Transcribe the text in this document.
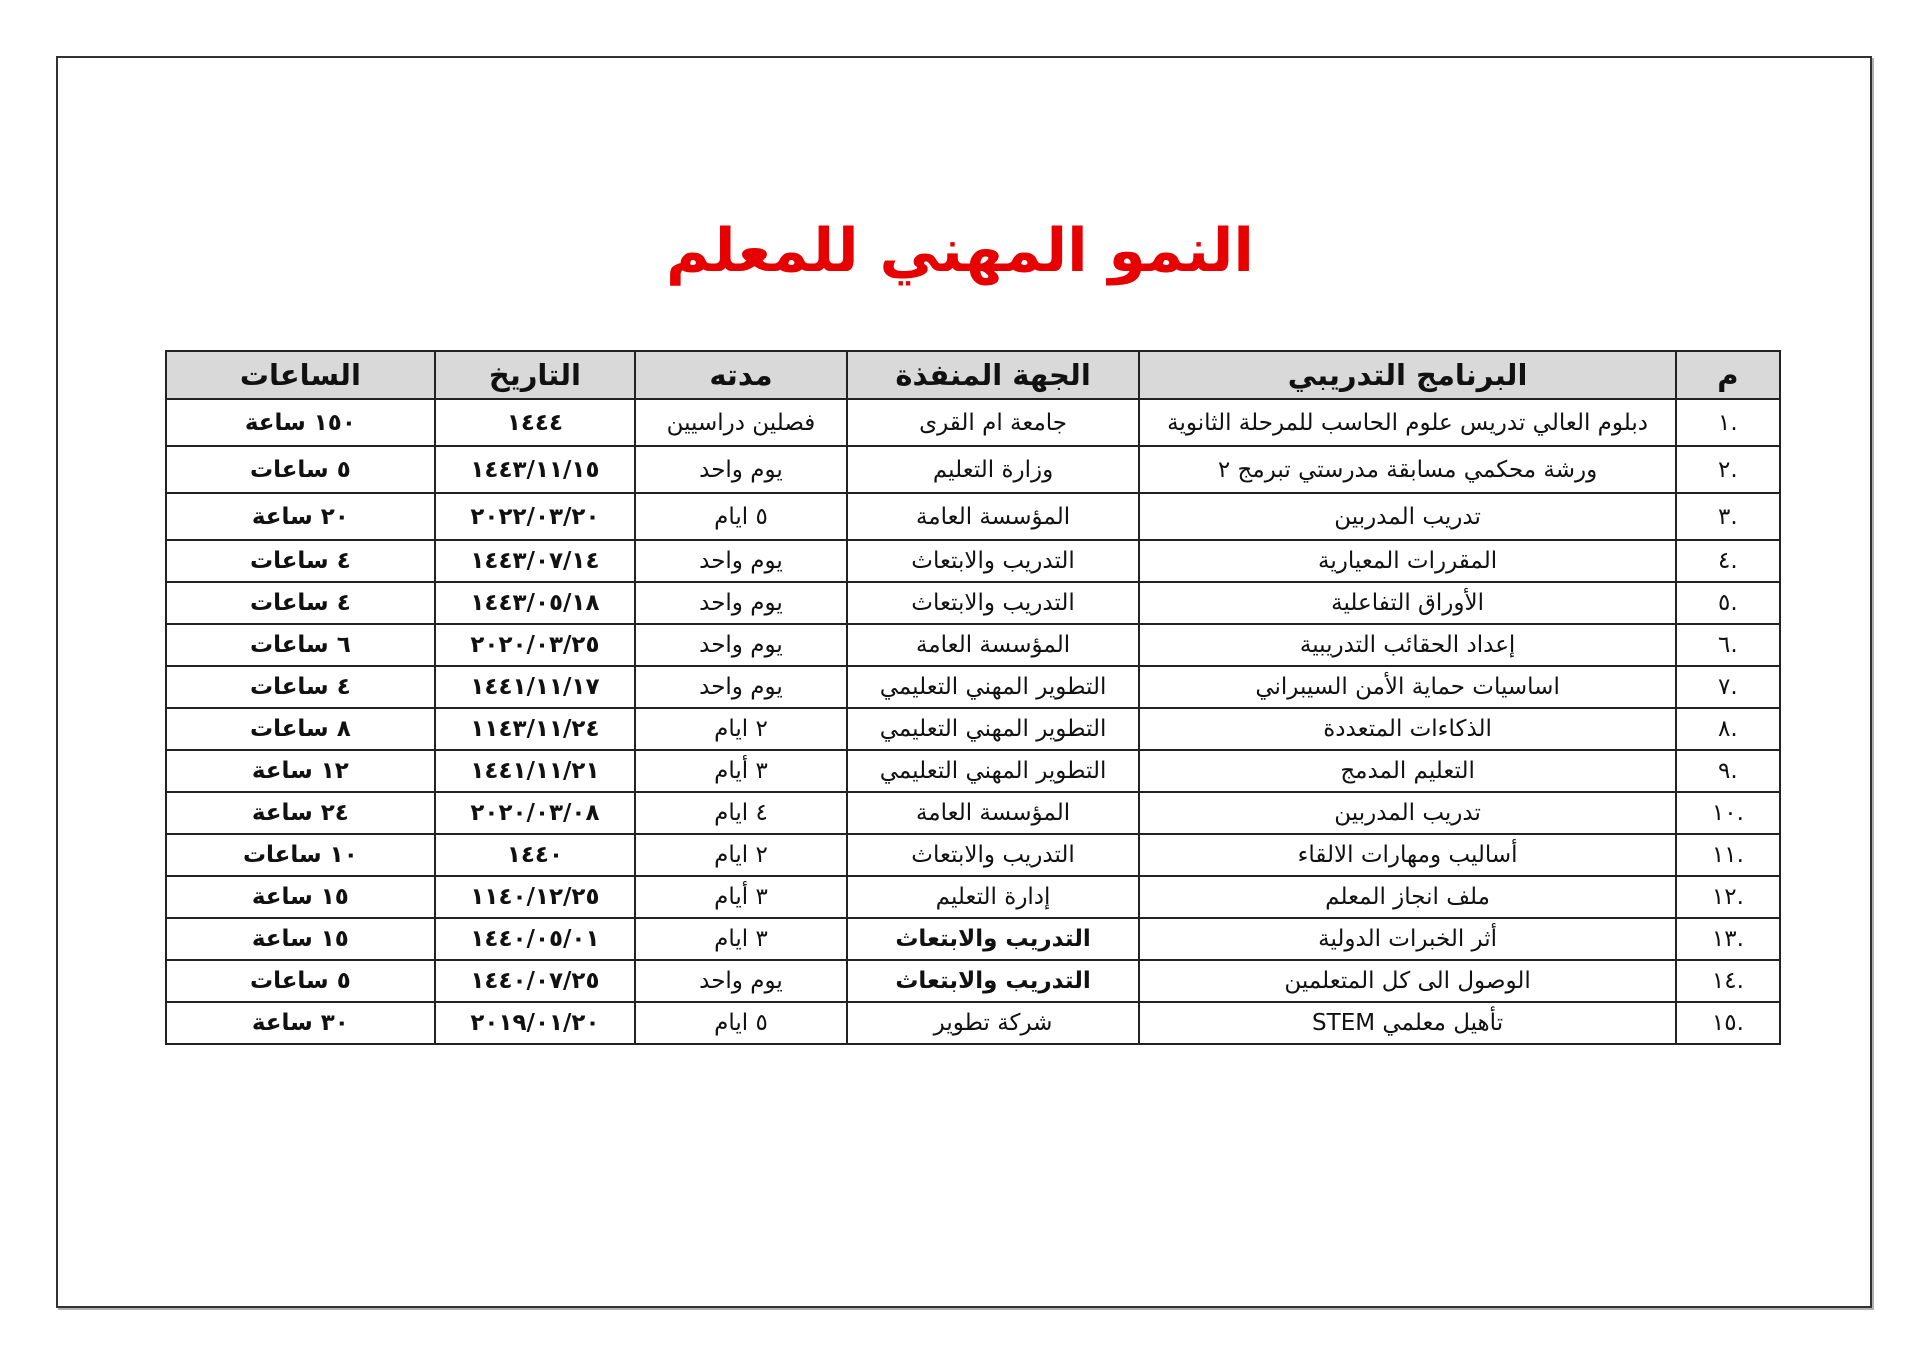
النمو المهني للمعلم
م	البرنامج التدريبي	الجهة المنفذة	مدته	التاريخ	الساعات
.١	دبلوم العالي تدريس علوم الحاسب للمرحلة الثانوية	جامعة ام القرى	فصلين دراسيين	١٤٤٤	١٥٠ ساعة
.٢	ورشة محكمي مسابقة مدرستي تبرمج ٢	وزارة التعليم	يوم واحد	١٤٤٣/١١/١٥	٥ ساعات
.٣	تدريب المدربين	المؤسسة العامة	٥ ايام	٢٠٢٢/٠٣/٢٠	٢٠ ساعة
.٤	المقررات المعيارية	التدريب والابتعاث	يوم واحد	١٤٤٣/٠٧/١٤	٤ ساعات
.٥	الأوراق التفاعلية	التدريب والابتعاث	يوم واحد	١٤٤٣/٠٥/١٨	٤ ساعات
.٦	إعداد الحقائب التدريبية	المؤسسة العامة	يوم واحد	٢٠٢٠/٠٣/٢٥	٦ ساعات
.٧	اساسيات حماية الأمن السيبراني	التطوير المهني التعليمي	يوم واحد	١٤٤١/١١/١٧	٤ ساعات
.٨	الذكاءات المتعددة	التطوير المهني التعليمي	٢ ايام	١١٤٣/١١/٢٤	٨ ساعات
.٩	التعليم المدمج	التطوير المهني التعليمي	٣ أيام	١٤٤١/١١/٢١	١٢ ساعة
.١٠	تدريب المدربين	المؤسسة العامة	٤ ايام	٢٠٢٠/٠٣/٠٨	٢٤ ساعة
.١١	أساليب ومهارات الالقاء	التدريب والابتعاث	٢ ايام	١٤٤٠	١٠ ساعات
.١٢	ملف انجاز المعلم	إدارة التعليم	٣ أيام	١١٤٠/١٢/٢٥	١٥ ساعة
.١٣	أثر الخبرات الدولية	التدريب والابتعاث	٣ ايام	١٤٤٠/٠٥/٠١	١٥ ساعة
.١٤	الوصول الى كل المتعلمين	التدريب والابتعاث	يوم واحد	١٤٤٠/٠٧/٢٥	٥ ساعات
.١٥	تأهيل معلمي STEM	شركة تطوير	٥ ايام	٢٠١٩/٠١/٢٠	٣٠ ساعة
